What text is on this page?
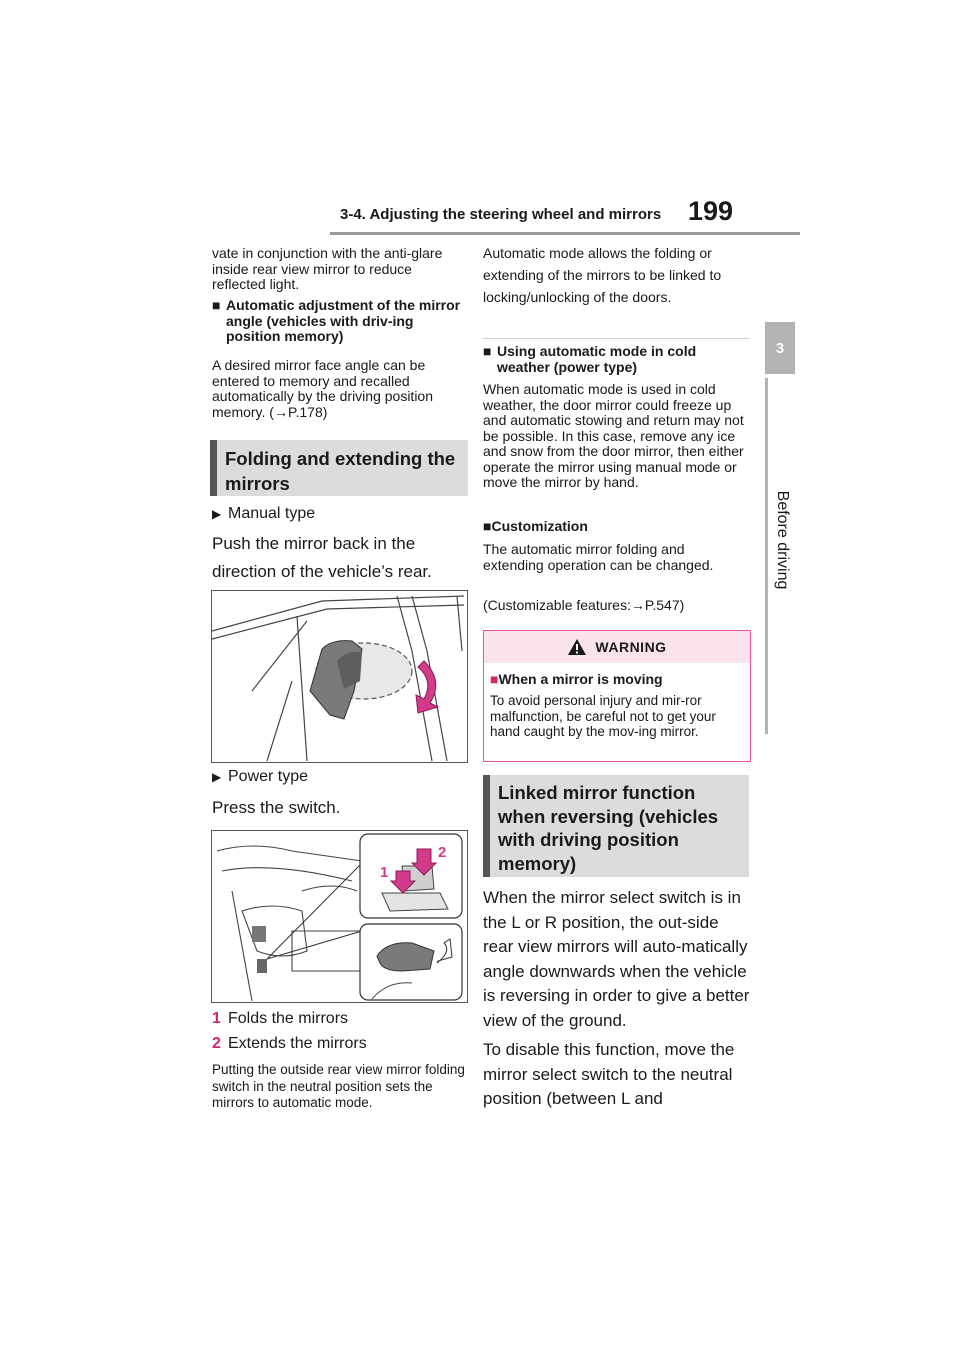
3-4. Adjusting the steering wheel and mirrors 199
3
Before driving
vate in conjunction with the anti-glare inside rear view mirror to reduce reflected light.
■ Automatic adjustment of the mirror angle (vehicles with driv-ing position memory)
A desired mirror face angle can be entered to memory and recalled automatically by the driving position memory. (→P.178)
Folding and extending the mirrors
▶ Manual type
Push the mirror back in the direction of the vehicle’s rear.
▶ Power type
Press the switch.
1
2
1 Folds the mirrors
2 Extends the mirrors
Putting the outside rear view mirror folding switch in the neutral position sets the mirrors to automatic mode.
Automatic mode allows the folding or extending of the mirrors to be linked to locking/unlocking of the doors.
■ Using automatic mode in cold weather (power type)
When automatic mode is used in cold weather, the door mirror could freeze up and automatic stowing and return may not be possible. In this case, remove any ice and snow from the door mirror, then either operate the mirror using manual mode or move the mirror by hand.
■Customization
The automatic mirror folding and extending operation can be changed.
(Customizable features:→P.547)
WARNING
■When a mirror is moving
To avoid personal injury and mir-ror malfunction, be careful not to get your hand caught by the mov-ing mirror.
Linked mirror function when reversing (vehicles with driving position memory)
When the mirror select switch is in the L or R position, the out-side rear view mirrors will auto-matically angle downwards when the vehicle is reversing in order to give a better view of the ground.
To disable this function, move the mirror select switch to the neutral position (between L and
